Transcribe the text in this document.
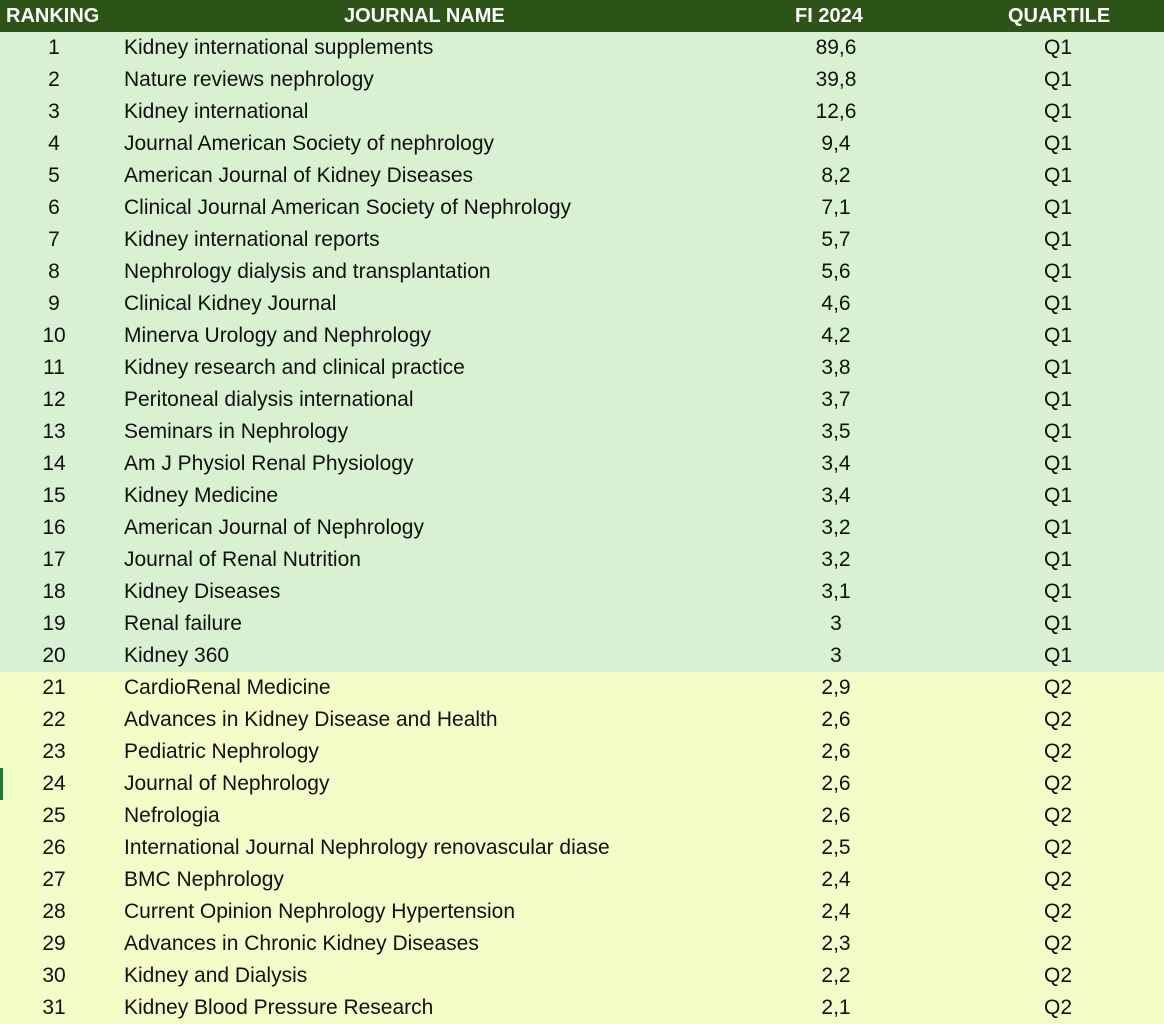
RANKING	JOURNAL NAME	FI 2024	QUARTILE
1	Kidney international supplements	89,6	Q1
2	Nature reviews nephrology	39,8	Q1
3	Kidney international	12,6	Q1
4	Journal American Society of nephrology	9,4	Q1
5	American Journal of Kidney Diseases	8,2	Q1
6	Clinical Journal American Society of Nephrology	7,1	Q1
7	Kidney international reports	5,7	Q1
8	Nephrology dialysis and transplantation	5,6	Q1
9	Clinical Kidney Journal	4,6	Q1
10	Minerva Urology and Nephrology	4,2	Q1
11	Kidney research and clinical practice	3,8	Q1
12	Peritoneal dialysis international	3,7	Q1
13	Seminars in Nephrology	3,5	Q1
14	Am J Physiol Renal Physiology	3,4	Q1
15	Kidney Medicine	3,4	Q1
16	American Journal of Nephrology	3,2	Q1
17	Journal of Renal Nutrition	3,2	Q1
18	Kidney Diseases	3,1	Q1
19	Renal failure	3	Q1
20	Kidney 360	3	Q1
21	CardioRenal Medicine	2,9	Q2
22	Advances in Kidney Disease and Health	2,6	Q2
23	Pediatric Nephrology	2,6	Q2
24	Journal of Nephrology	2,6	Q2
25	Nefrologia	2,6	Q2
26	International Journal Nephrology renovascular diase	2,5	Q2
27	BMC Nephrology	2,4	Q2
28	Current Opinion Nephrology Hypertension	2,4	Q2
29	Advances in Chronic Kidney Diseases	2,3	Q2
30	Kidney and Dialysis	2,2	Q2
31	Kidney Blood Pressure Research	2,1	Q2
